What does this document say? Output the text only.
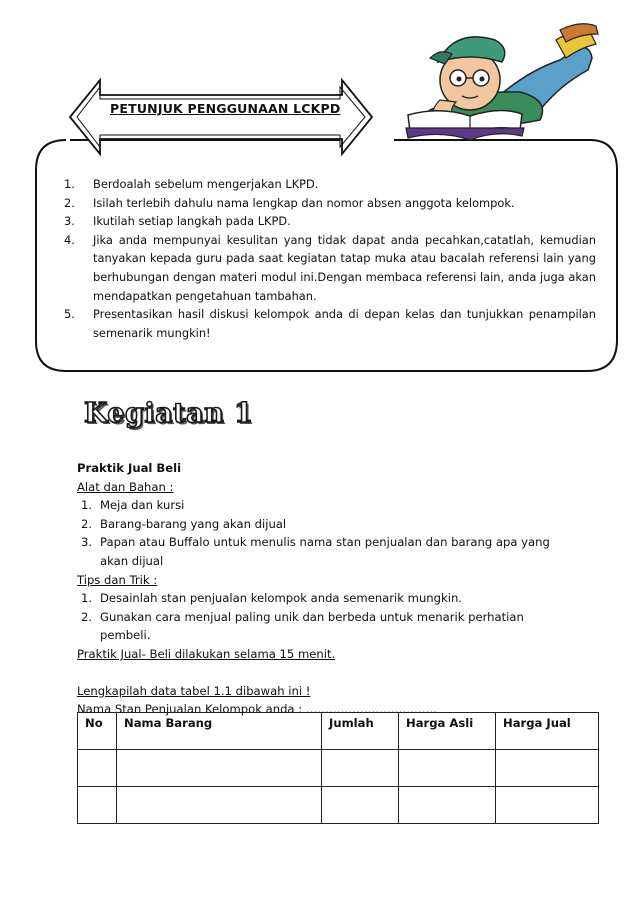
PETUNJUK PENGGUNAAN LCKPD
1. Berdoalah sebelum mengerjakan LKPD.
2. Isilah terlebih dahulu nama lengkap dan nomor absen anggota kelompok.
3. Ikutilah setiap langkah pada LKPD.
4. Jika anda mempunyai kesulitan yang tidak dapat anda pecahkan,catatlah, kemudian tanyakan kepada guru pada saat kegiatan tatap muka atau bacalah referensi lain yang berhubungan dengan materi modul ini.Dengan membaca referensi lain, anda juga akan mendapatkan pengetahuan tambahan.
5. Presentasikan hasil diskusi kelompok anda di depan kelas dan tunjukkan penampilan semenarik mungkin!
Kegiatan 1

Praktik Jual Beli

Alat dan Bahan :

1. Meja dan kursi
2. Barang-barang yang akan dijual
3. Papan atau Buffalo untuk menulis nama stan penjualan dan barang apa yang akan dijual

Tips dan Trik :

1. Desainlah stan penjualan kelompok anda semenarik mungkin.
2. Gunakan cara menjual paling unik dan berbeda untuk menarik perhatian pembeli.

Praktik Jual- Beli dilakukan selama 15 menit.

Lengkapilah data tabel 1.1 dibawah ini !

Nama Stan Penjualan Kelompok anda : …………………………….

No	Nama Barang	Jumlah	Harga Asli	Harga Jual
